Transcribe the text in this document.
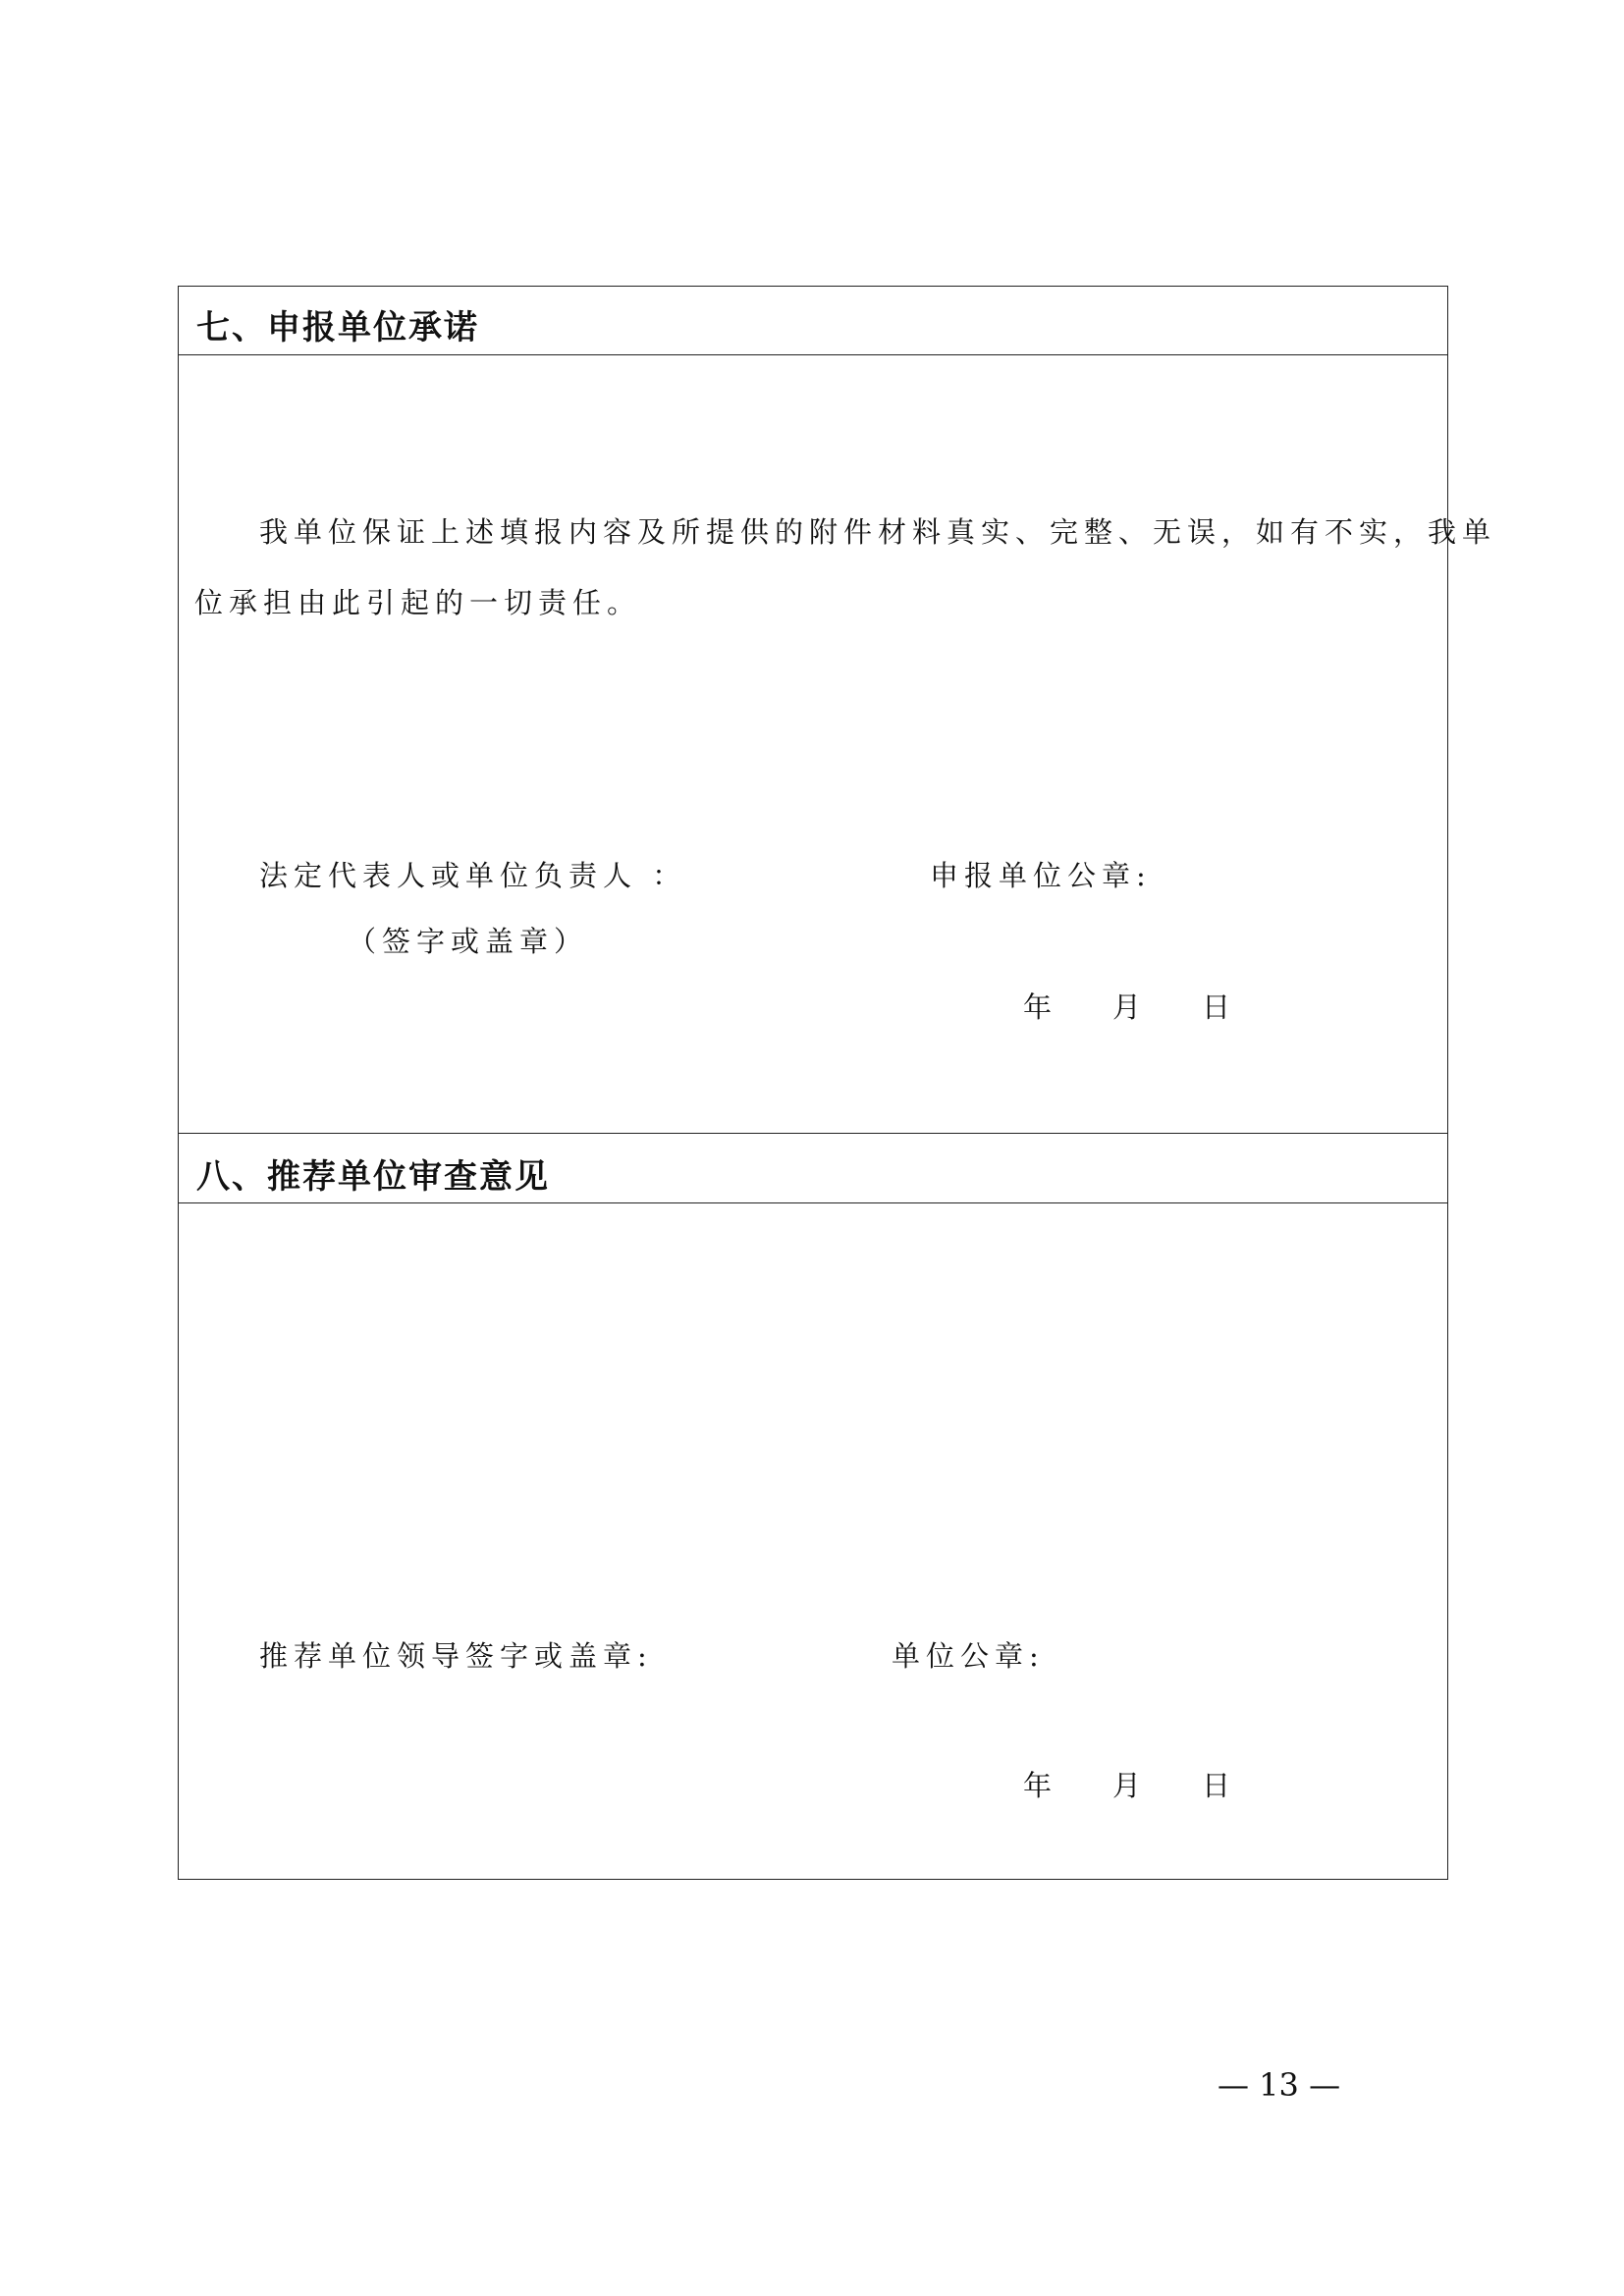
七、申报单位承诺
我单位保证上述填报内容及所提供的附件材料真实、完整、无误，如有不实，我单
位承担由此引起的一切责任。
法定代表人或单位负责人 ：
（签字或盖章）
申报单位公章:
年 月 日
八、推荐单位审查意见
推荐单位领导签字或盖章:	单位公章:
年 月 日
— 13 —
